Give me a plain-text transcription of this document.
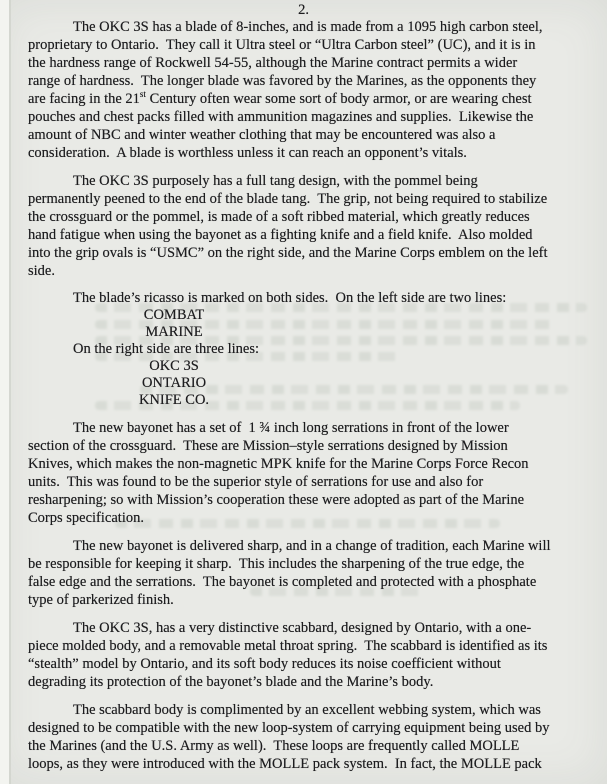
2.
The OKC 3S has a blade of 8-inches, and is made from a 1095 high carbon steel,
proprietary to Ontario.  They call it Ultra steel or “Ultra Carbon steel” (UC), and it is in
the hardness range of Rockwell 54-55, although the Marine contract permits a wider
range of hardness.  The longer blade was favored by the Marines, as the opponents they
are facing in the 21st Century often wear some sort of body armor, or are wearing chest
pouches and chest packs filled with ammunition magazines and supplies.  Likewise the
amount of NBC and winter weather clothing that may be encountered was also a
consideration.  A blade is worthless unless it can reach an opponent’s vitals.
The OKC 3S purposely has a full tang design, with the pommel being
permanently peened to the end of the blade tang.  The grip, not being required to stabilize
the crossguard or the pommel, is made of a soft ribbed material, which greatly reduces
hand fatigue when using the bayonet as a fighting knife and a field knife.  Also molded
into the grip ovals is “USMC” on the right side, and the Marine Corps emblem on the left
side.
The blade’s ricasso is marked on both sides.  On the left side are two lines:
COMBAT
MARINE
On the right side are three lines:
OKC 3S
ONTARIO
KNIFE CO.
The new bayonet has a set of  1 ¾ inch long serrations in front of the lower
section of the crossguard.  These are Mission–style serrations designed by Mission
Knives, which makes the non-magnetic MPK knife for the Marine Corps Force Recon
units.  This was found to be the superior style of serrations for use and also for
resharpening; so with Mission’s cooperation these were adopted as part of the Marine
Corps specification.
The new bayonet is delivered sharp, and in a change of tradition, each Marine will
be responsible for keeping it sharp.  This includes the sharpening of the true edge, the
false edge and the serrations.  The bayonet is completed and protected with a phosphate
type of parkerized finish.
The OKC 3S, has a very distinctive scabbard, designed by Ontario, with a one-
piece molded body, and a removable metal throat spring.  The scabbard is identified as its
“stealth” model by Ontario, and its soft body reduces its noise coefficient without
degrading its protection of the bayonet’s blade and the Marine’s body.
The scabbard body is complimented by an excellent webbing system, which was
designed to be compatible with the new loop-system of carrying equipment being used by
the Marines (and the U.S. Army as well).  These loops are frequently called MOLLE
loops, as they were introduced with the MOLLE pack system.  In fact, the MOLLE pack
